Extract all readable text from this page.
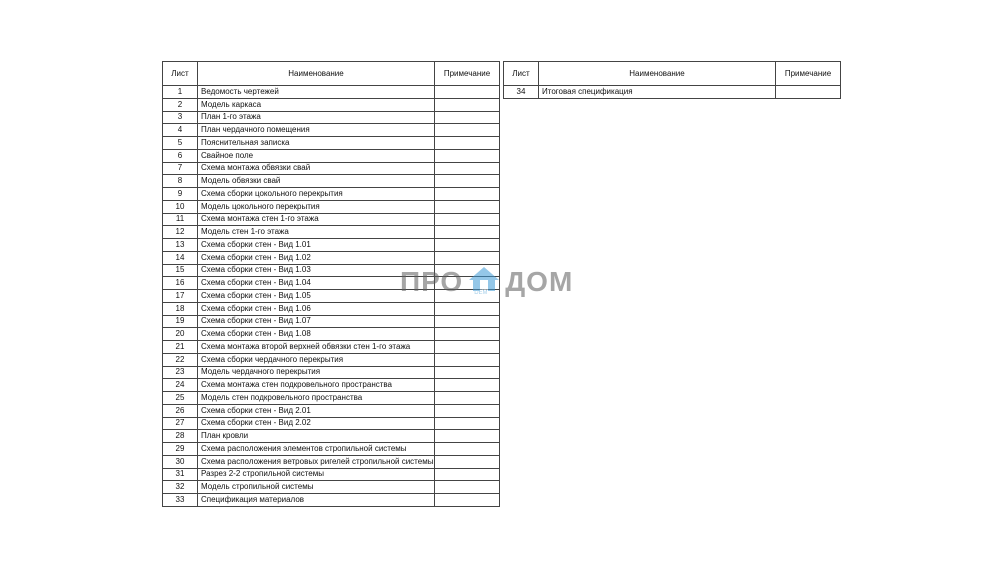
Лист	Наименование	Примечание
1	Ведомость чертежей	
2	Модель каркаса	
3	План 1-го этажа	
4	План чердачного помещения	
5	Пояснительная записка	
6	Свайное поле	
7	Схема монтажа обвязки свай	
8	Модель обвязки свай	
9	Схема сборки цокольного перекрытия	
10	Модель цокольного перекрытия	
11	Схема монтажа стен 1-го этажа	
12	Модель стен 1-го этажа	
13	Схема сборки стен - Вид 1.01	
14	Схема сборки стен - Вид 1.02	
15	Схема сборки стен - Вид 1.03	
16	Схема сборки стен - Вид 1.04	
17	Схема сборки стен - Вид 1.05	
18	Схема сборки стен - Вид 1.06	
19	Схема сборки стен - Вид 1.07	
20	Схема сборки стен - Вид 1.08	
21	Схема монтажа второй верхней обвязки стен 1-го этажа	
22	Схема сборки чердачного перекрытия	
23	Модель чердачного перекрытия	
24	Схема монтажа стен подкровельного пространства	
25	Модель стен подкровельного пространства	
26	Схема сборки стен - Вид 2.01	
27	Схема сборки стен - Вид 2.02	
28	План кровли	
29	Схема расположения элементов стропильной системы	
30	Схема расположения ветровых ригелей стропильной системы	
31	Разрез 2-2 стропильной системы	
32	Модель стропильной системы	
33	Спецификация материалов	
Лист	Наименование	Примечание
34	Итоговая спецификация	
ПРО DEM ДОМ
